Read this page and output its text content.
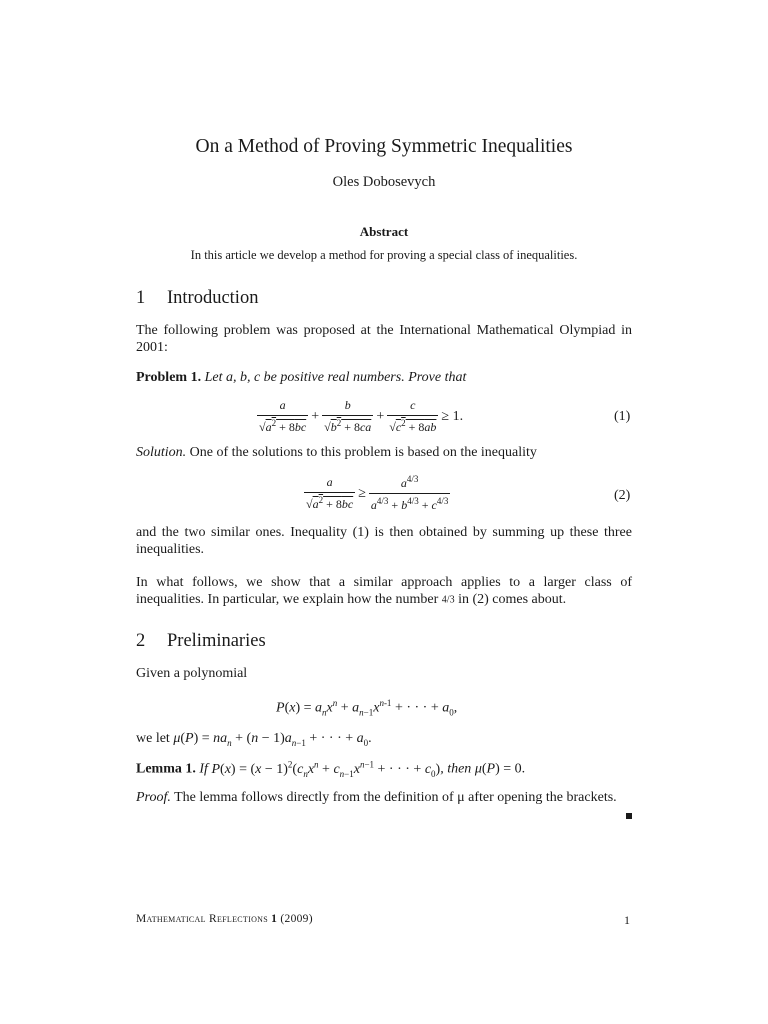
On a Method of Proving Symmetric Inequalities
Oles Dobosevych
Abstract
In this article we develop a method for proving a special class of inequalities.
1 Introduction
The following problem was proposed at the International Mathematical Olympiad in 2001:
Problem 1. Let a, b, c be positive real numbers. Prove that
$\frac{a}{√a^2 + 8bc} + \frac{b}{√b^2 + 8ca} + \frac{c}{√c^2 + 8ab} \ge 1$.	(1)
Solution. One of the solutions to this problem is based on the inequality
$\frac{a}{√a^2 + 8bc} \ge \frac{a^{4/3}}{a^{4/3} + b^{4/3} + c^{4/3}}$	(2)
and the two similar ones. Inequality (1) is then obtained by summing up these three inequalities.
In what follows, we show that a similar approach applies to a larger class of inequalities. In particular, we explain how the number 4/3 in (2) comes about.
2 Preliminaries
Given a polynomial
$P(x) = a_nx^n + a_{n-1}x^{n-1}$ + · · · + $a_0$,
we let $\mu(P) = na_n + (n - 1)a_{n-1}$ + · · · + $a_0$.
Lemma 1. If $P(x) = (x - 1)^2(c_nx^n + c_{n-1}x^{n-1}$ + · · · + $c_0$), then μ(P) = 0.
Proof. The lemma follows directly from the definition of μ after opening the brackets.
Mathematical Reflections 1 (2009)	1
